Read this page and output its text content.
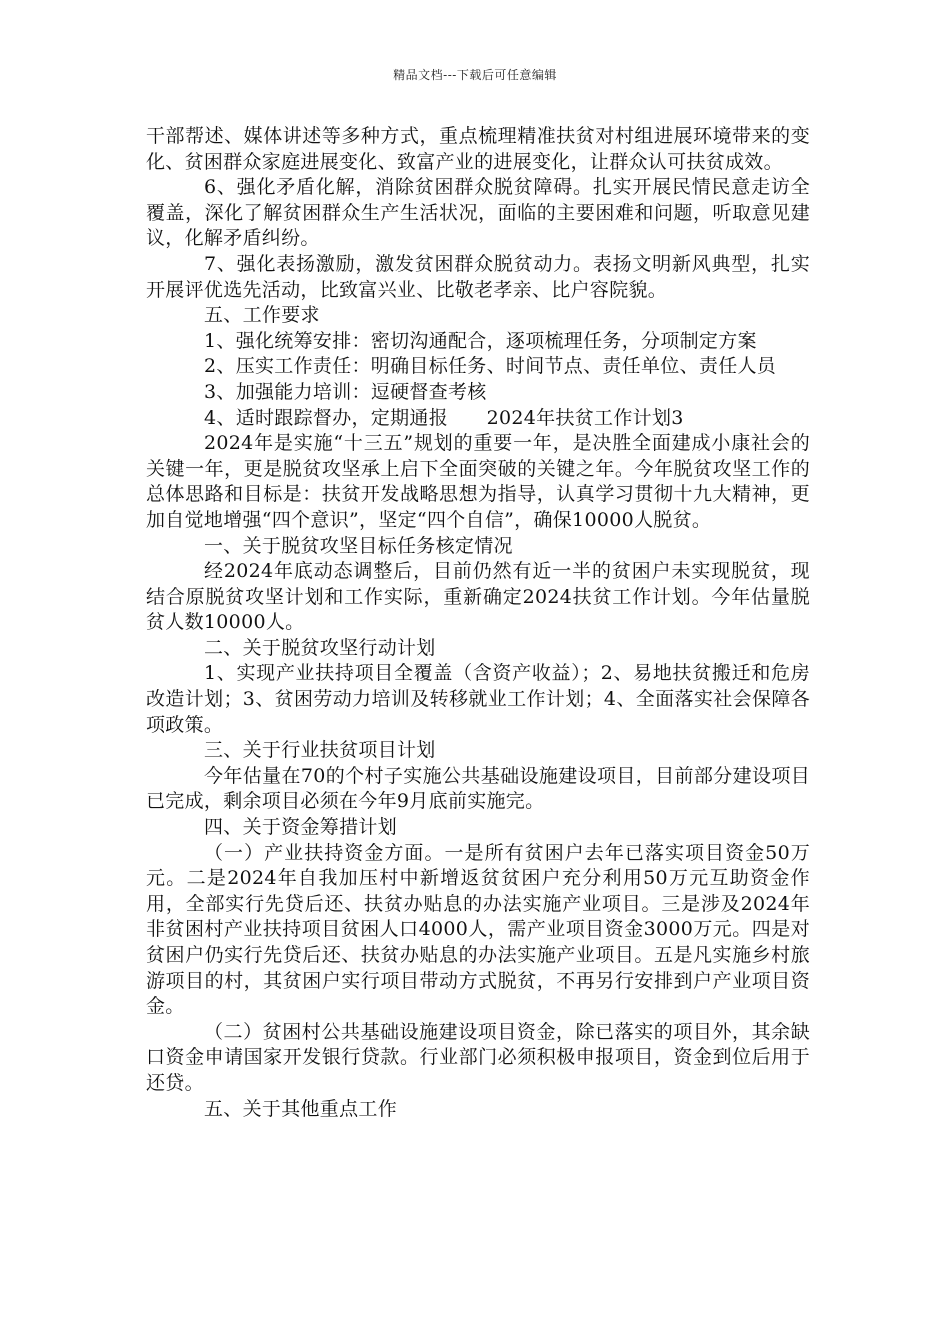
精品文档---下载后可任意编辑

干部帮述、媒体讲述等多种方式，重点梳理精准扶贫对村组进展环境带来的变化、贫困群众家庭进展变化、致富产业的进展变化，让群众认可扶贫成效。

6、强化矛盾化解，消除贫困群众脱贫障碍。扎实开展民情民意走访全覆盖，深化了解贫困群众生产生活状况，面临的主要困难和问题，听取意见建议，化解矛盾纠纷。

7、强化表扬激励，激发贫困群众脱贫动力。表扬文明新风典型，扎实开展评优选先活动，比致富兴业、比敬老孝亲、比户容院貌。

五、工作要求

1、强化统筹安排：密切沟通配合，逐项梳理任务，分项制定方案

2、压实工作责任：明确目标任务、时间节点、责任单位、责任人员

3、加强能力培训：逗硬督查考核

4、适时跟踪督办，定期通报　　2024年扶贫工作计划3

2024年是实施“十三五”规划的重要一年，是决胜全面建成小康社会的关键一年，更是脱贫攻坚承上启下全面突破的关键之年。今年脱贫攻坚工作的总体思路和目标是：扶贫开发战略思想为指导，认真学习贯彻十九大精神，更加自觉地增强“四个意识”，坚定“四个自信”，确保10000人脱贫。

一、关于脱贫攻坚目标任务核定情况

经2024年底动态调整后，目前仍然有近一半的贫困户未实现脱贫，现结合原脱贫攻坚计划和工作实际，重新确定2024扶贫工作计划。今年估量脱贫人数10000人。

二、关于脱贫攻坚行动计划

1、实现产业扶持项目全覆盖（含资产收益）；2、易地扶贫搬迁和危房改造计划；3、贫困劳动力培训及转移就业工作计划；4、全面落实社会保障各项政策。

三、关于行业扶贫项目计划

今年估量在70的个村子实施公共基础设施建设项目，目前部分建设项目已完成，剩余项目必须在今年9月底前实施完。

四、关于资金筹措计划

（一）产业扶持资金方面。一是所有贫困户去年已落实项目资金50万元。二是2024年自我加压村中新增返贫贫困户充分利用50万元互助资金作用，全部实行先贷后还、扶贫办贴息的办法实施产业项目。三是涉及2024年非贫困村产业扶持项目贫困人口4000人，需产业项目资金3000万元。四是对贫困户仍实行先贷后还、扶贫办贴息的办法实施产业项目。五是凡实施乡村旅游项目的村，其贫困户实行项目带动方式脱贫，不再另行安排到户产业项目资金。

（二）贫困村公共基础设施建设项目资金，除已落实的项目外，其余缺口资金申请国家开发银行贷款。行业部门必须积极申报项目，资金到位后用于还贷。

五、关于其他重点工作
